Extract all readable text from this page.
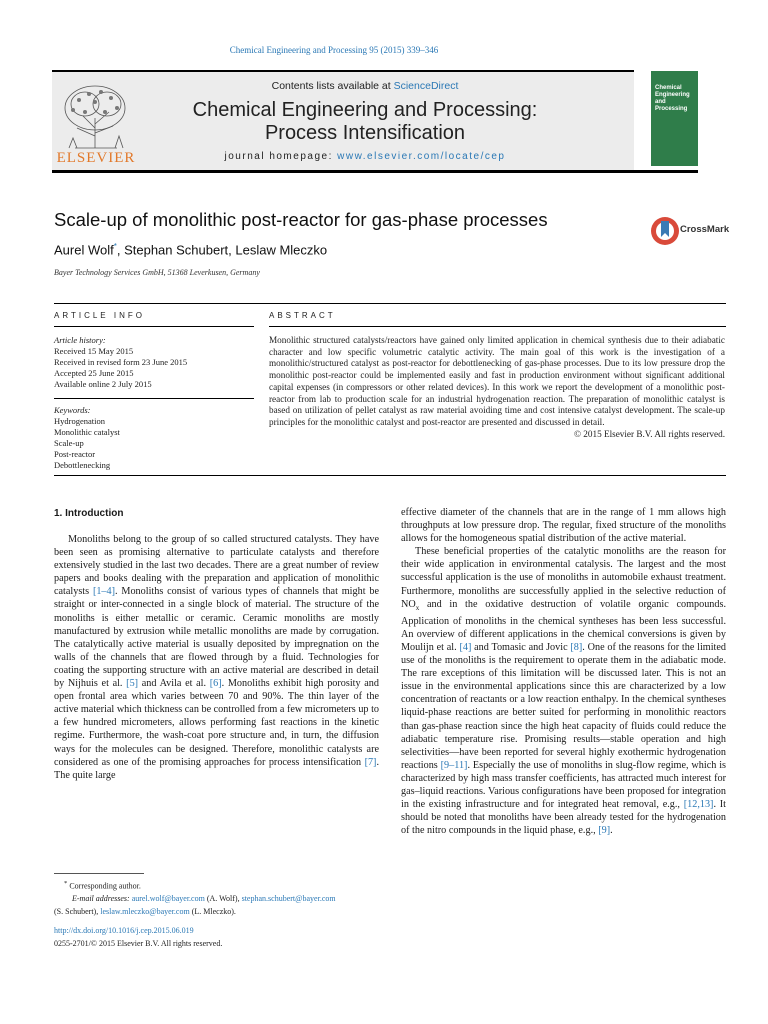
Chemical Engineering and Processing 95 (2015) 339–346
ELSEVIER
Contents lists available at ScienceDirect
Chemical Engineering and Processing:
Process Intensification
journal homepage: www.elsevier.com/locate/cep
Chemical Engineering and Processing
Scale-up of monolithic post-reactor for gas-phase processes
Aurel Wolf*, Stephan Schubert, Leslaw Mleczko
Bayer Technology Services GmbH, 51368 Leverkusen, Germany
CrossMark
ARTICLE INFO	ABSTRACT
Article history:
Received 15 May 2015
Received in revised form 23 June 2015
Accepted 25 June 2015
Available online 2 July 2015
Keywords:
Hydrogenation
Monolithic catalyst
Scale-up
Post-reactor
Debottlenecking
Monolithic structured catalysts/reactors have gained only limited application in chemical synthesis due to their adiabatic character and low specific volumetric catalytic activity. The main goal of this work is the investigation of a monolithic/structured catalyst as post-reactor for debottlenecking of gas-phase processes. Due to its low pressure drop the monolithic post-reactor could be implemented easily and fast in production environment without significant additional capital expenses (in compressors or other related devices). In this work we report the development of a monolithic post-reactor from lab to production scale for an industrial hydrogenation reaction. The preparation of monolithic catalyst is based on utilization of pellet catalyst as raw material avoiding time and cost intensive catalyst development. The scale-up principles for the monolithic catalyst and post-reactor are presented and discussed in detail.
© 2015 Elsevier B.V. All rights reserved.
1. Introduction

Monoliths belong to the group of so called structured catalysts. They have been seen as promising alternative to particulate catalysts and therefore extensively studied in the last two decades. There are a great number of review papers and books dealing with the preparation and application of monolithic catalysts [1–4]. Monoliths consist of various types of channels that might be straight or inter-connected in a single block of material. The structure of the monoliths is either metallic or ceramic. Ceramic monoliths are mostly manufactured by extrusion while metallic monoliths are made by corrugation. The catalytically active material is usually deposited by impregnation on the walls of the channels that are flowed through by a fluid. Technologies for coating the supporting structure with an active material are described in detail by Nijhuis et al. [5] and Avila et al. [6]. Monoliths exhibit high porosity and open frontal area which varies between 70 and 90%. The thin layer of the active material which thickness can be controlled from a few micrometers up to a few hundred micrometers, allows performing fast reactions in the kinetic regime. Furthermore, the wash-coat pore structure and, in turn, the diffusion ways for the molecules can be designed. Therefore, monolithic catalysts are considered as one of the promising approaches for process intensification [7]. The quite large

effective diameter of the channels that are in the range of 1 mm allows high throughputs at low pressure drop. The regular, fixed structure of the monoliths allows for the homogeneous spatial distribution of the active material.

These beneficial properties of the catalytic monoliths are the reason for their wide application in environmental catalysis. The largest and the most successful application is the use of monoliths in automobile exhaust treatment. Furthermore, monoliths are successfully applied in the selective reduction of $NO_x$ and in the oxidative destruction of volatile organic compounds. Application of monoliths in the chemical syntheses has been less successful. An overview of different applications in the chemical conversions is given by Moulijn et al. [4] and Tomasic and Jovic [8]. One of the reasons for the limited use of the monoliths is the requirement to operate them in the adiabatic mode. The rare exceptions of this limitation will be discussed later. This is not an issue in the environmental applications since this are characterized by a low concentration of reactants or a low reaction enthalpy. In the chemical syntheses liquid-phase reactions are better suited for performing in monolithic reactors than gas-phase reaction since the high heat capacity of fluids could reduce the adiabatic temperature rise. Promising results—stable operation and high selectivities—have been reported for several highly exothermic hydrogenation reactions [9–11]. Especially the use of monoliths in slug-flow regime, which is characterized by high mass transfer coefficients, has attracted much interest for gas–liquid reactions. Various configurations have been proposed for integration in the existing infrastructure and for integrated heat removal, e.g., [12,13]. It should be noted that monoliths have been already tested for the hydrogenation of the nitro compounds in the liquid phase, e.g., [9].

* Corresponding author.
E-mail addresses: aurel.wolf@bayer.com (A. Wolf), stephan.schubert@bayer.com
(S. Schubert), leslaw.mleczko@bayer.com (L. Mleczko).
http://dx.doi.org/10.1016/j.cep.2015.06.019
0255-2701/© 2015 Elsevier B.V. All rights reserved.
